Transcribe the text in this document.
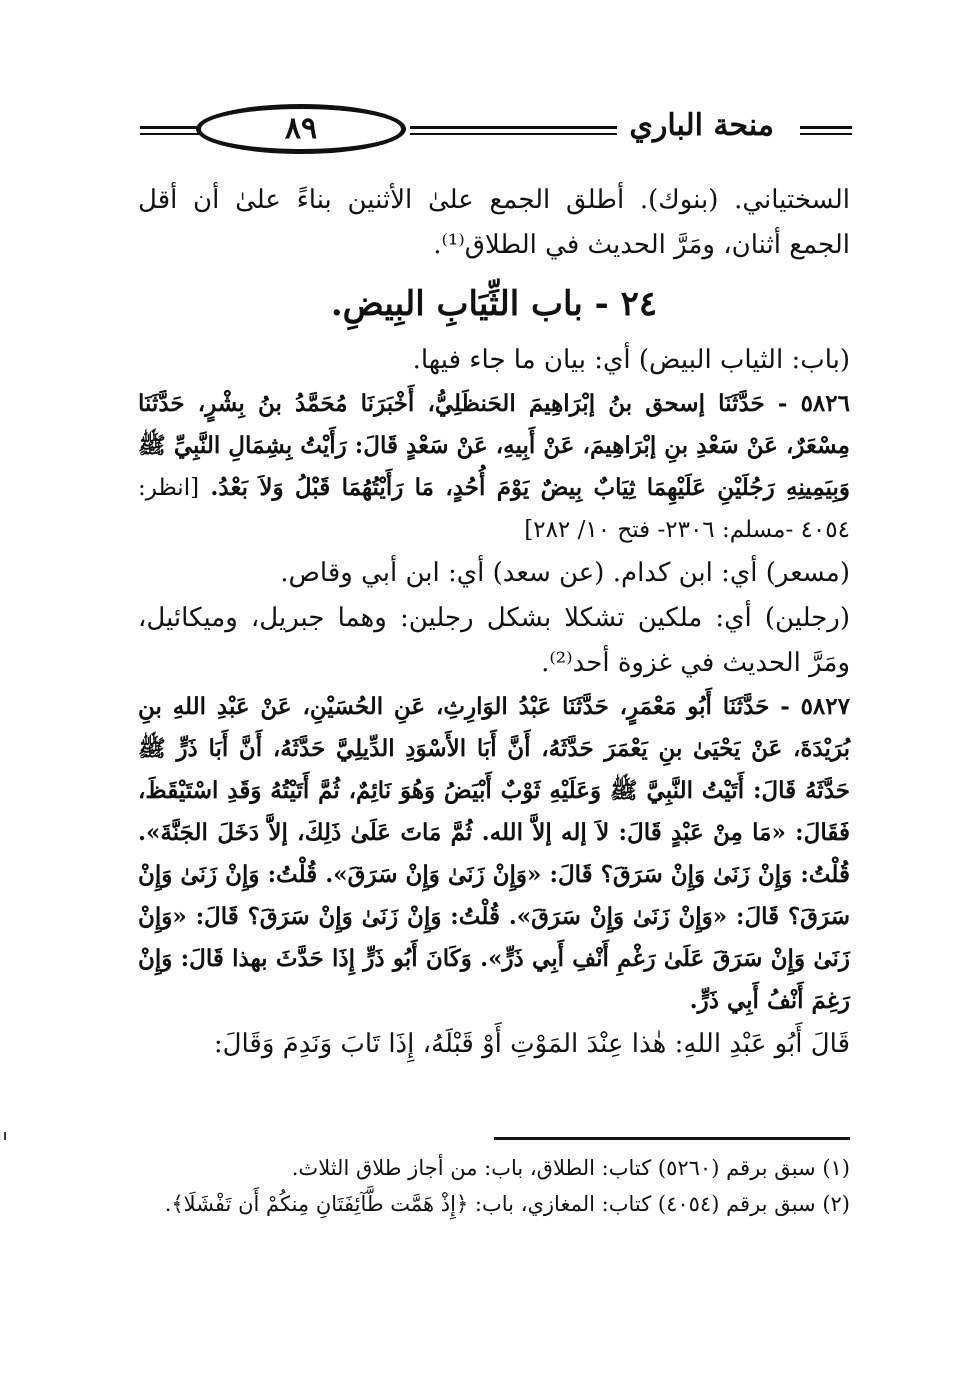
٨٩	منحة الباري

السختياني. (بنوك). أطلق الجمع علىٰ الأثنين بناءً علىٰ أن أقل الجمع أثنان، ومَرَّ الحديث في الطلاق⁽¹⁾.

٢٤ - باب الثِّيَابِ البِيضِ.

(باب: الثياب البيض) أي: بيان ما جاء فيها.

٥٨٢٦ - حَدَّثَنَا إسحق بنُ إبْرَاهِيمَ الحَنظَلِيُّ، أَخْبَرَنَا مُحَمَّدُ بنُ بِشْرٍ، حَدَّثَنَا مِسْعَرٌ، عَنْ سَعْدِ بنِ إبْرَاهِيمَ، عَنْ أَبِيهِ، عَنْ سَعْدٍ قَالَ: رَأَيْتُ بِشِمَالِ النَّبِيِّ ﷺ وَبِيَمِينِهِ رَجُلَيْنِ عَلَيْهِمَا ثِيَابٌ بِيضٌ يَوْمَ أُحُدٍ، مَا رَأَيْتُهُمَا قَبْلُ وَلاَ بَعْدُ. [انظر: ٤٠٥٤ -مسلم: ٢٣٠٦- فتح ١٠/ ٢٨٢]

(مسعر) أي: ابن كدام. (عن سعد) أي: ابن أبي وقاص.

(رجلين) أي: ملكين تشكلا بشكل رجلين: وهما جبريل، وميكائيل، ومَرَّ الحديث في غزوة أحد⁽²⁾.

٥٨٢٧ - حَدَّثَنَا أَبُو مَعْمَرٍ، حَدَّثَنَا عَبْدُ الوَارِثِ، عَنِ الحُسَيْنِ، عَنْ عَبْدِ اللهِ بنِ بُرَيْدَةَ، عَنْ يَحْيَىٰ بنِ يَعْمَرَ حَدَّثَهُ، أَنَّ أَبَا الأَسْوَدِ الدِّيلِيَّ حَدَّثَهُ، أَنَّ أَبَا ذَرٍّ ﷺ حَدَّثَهُ قَالَ: أَتَيْتُ النَّبِيَّ ﷺ وَعَلَيْهِ ثَوْبٌ أَبْيَضُ وَهُوَ نَائِمٌ، ثُمَّ أَتَيْتُهُ وَقَدِ اسْتَيْقَظَ، فَقَالَ: «مَا مِنْ عَبْدٍ قَالَ: لاَ إله إلاَّ الله. ثُمَّ مَاتَ عَلَىٰ ذَلِكَ، إلاَّ دَخَلَ الجَنَّةَ». قُلْتُ: وَإِنْ زَنَىٰ وَإِنْ سَرَقَ؟ قَالَ: «وَإِنْ زَنَىٰ وَإِنْ سَرَقَ». قُلْتُ: وَإِنْ زَنَىٰ وَإِنْ سَرَقَ؟ قَالَ: «وَإِنْ زَنَىٰ وَإِنْ سَرَقَ». قُلْتُ: وَإِنْ زَنَىٰ وَإِنْ سَرَقَ؟ قَالَ: «وَإِنْ زَنَىٰ وَإِنْ سَرَقَ عَلَىٰ رَغْمِ أَنْفِ أَبِي ذَرٍّ». وَكَانَ أَبُو ذَرٍّ إِذَا حَدَّثَ بهذا قَالَ: وَإِنْ رَغِمَ أَنْفُ أَبِي ذَرٍّ.

قَالَ أَبُو عَبْدِ اللهِ: هٰذا عِنْدَ المَوْتِ أَوْ قَبْلَهُ، إِذَا تَابَ وَنَدِمَ وَقَالَ:

(١) سبق برقم (٥٢٦٠) كتاب: الطلاق، باب: من أجاز طلاق الثلاث.

(٢) سبق برقم (٤٠٥٤) كتاب: المغازي، باب: ﴿إِذْ هَمَّت طَّآئِفَتَانِ مِنكُمْ أَن تَفْشَلَا﴾.
